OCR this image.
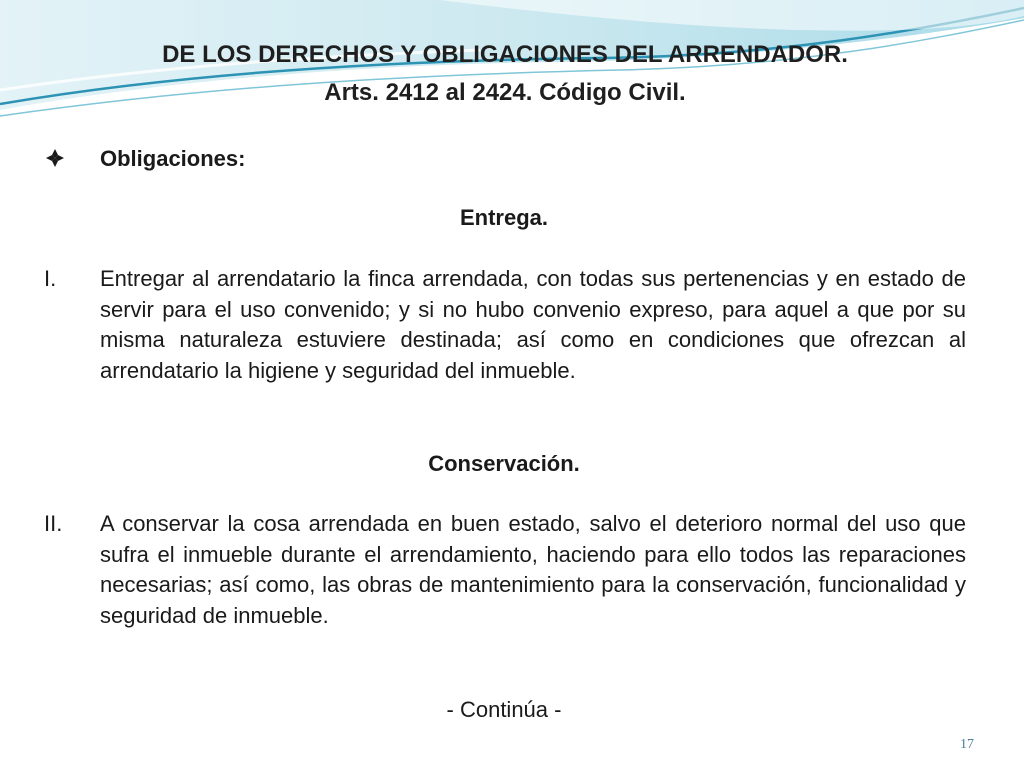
DE LOS DERECHOS Y OBLIGACIONES DEL ARRENDADOR.
Arts. 2412 al 2424. Código Civil.
Obligaciones:
Entrega.
I. Entregar al arrendatario la finca arrendada, con todas sus pertenencias y en estado de servir para el uso convenido; y si no hubo convenio expreso, para aquel a que por su misma naturaleza estuviere destinada; así como en condiciones que ofrezcan al arrendatario la higiene y seguridad del inmueble.
Conservación.
II. A conservar la cosa arrendada en buen estado, salvo el deterioro normal del uso que sufra el inmueble durante el arrendamiento, haciendo para ello todos las reparaciones necesarias; así como, las obras de mantenimiento para la conservación, funcionalidad y seguridad de inmueble.
- Continúa -
17
